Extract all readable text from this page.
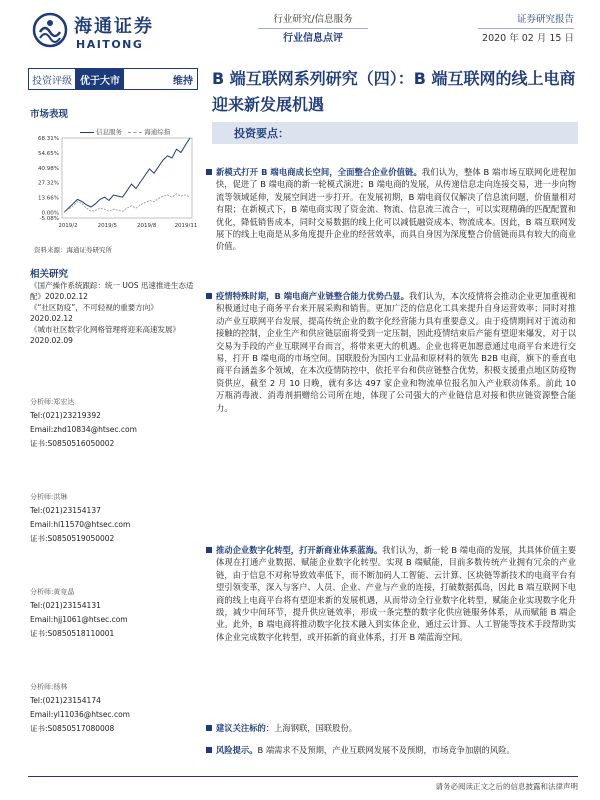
海通证券
HAITONG
行业研究/信息服务
行业信息点评
证券研究报告
2020 年 02 月 15 日
投资评级 优于大市	维持 B 端互联网系列研究（四）：B 端互联网的线上电商迎来新发展机遇
投资要点：
市场表现
信息服务	海通综指
68.31%
54.65%
40.98%
27.32%
13.66%
0.00%
-5.08%
2019/2	2019/5	2019/8	2019/11
资料来源：海通证券研究所
相关研究
《国产操作系统跟踪：统一 UOS 迅速推进生态适配》2020.02.12
《“社区防疫”，不可轻视的重要方向》2020.02.12
《城市社区数字化网格管理将迎来高速发展》2020.02.09
分析师:郑宏达
Tel:(021)23219392
Email:zhd10834@htsec.com
证书:S0850516050002
分析师:洪琳
Tel:(021)23154137
Email:hl11570@htsec.com
证书:S0850519050002
分析师:黄竞晶
Tel:(021)23154131
Email:hjj1061@htsec.com
证书:S0850518110001
分析师:杨林
Tel:(021)23154174
Email:yl11036@htsec.com
证书:S0850517080008
新模式打开 B 端电商成长空间，全面整合企业价值链。我们认为，整体 B 端市场互联网化进程加快，促进了 B 端电商的新一轮模式演进；B 端电商的发展，从传递信息走向连接交易，进一步向物流等领域延伸，发展空间进一步打开。在发展初期，B 端电商仅仅解决了信息流问题，价值量相对有限；在新模式下，B 端电商实现了资金流、物流、信息流三流合一，可以实现精确的匹配配置和优化，降低销售成本，同时交易数据的线上化可以减低融资成本、物流成本。因此，B 端互联网发展下的线上电商是从多角度提升企业的经营效率，而具自身因为深度整合价值链而具有较大的商业价值。
疫情特殊时期，B 端电商产业链整合能力优势凸显。我们认为，本次疫情将会推动企业更加重视和积极通过电子商务平台来开展采购和销售。更加广泛的信息化工具来提升自身运营效率；同时对推动产业互联网平台发展，提高传统企业的数字化经营能力具有重要意义。由于疫情期间对于流动和接触的控制，企业生产和供应链层面将受到一定压制，因此疫情结束后产能有望迎来爆发，对于以交易为手段的产业互联网平台而言，将带来更大的机遇。企业也将更加愿意通过电商平台来进行交易，打开 B 端电商的市场空间。国联股份为国内工业品和原材料的领先 B2B 电商，旗下的垂直电商平台涵盖多个领域，在本次疫情防控中，依托平台和供应链整合优势，积极支援重点地区防疫物资供应，截至 2 月 10 日晚，就有多达 497 家企业和物流单位报名加入产业联动体系。前此 10 万瓶消毒液、消毒剂捐赠给公司所在地，体现了公司强大的产业链信息对接和供应链资源整合能力。
推动企业数字化转型，打开新商业体系蓝海。我们认为，新一轮 B 端电商的发展，其具体价值主要体现在打通产业数据、赋能企业数字化转型。实现 B 端赋能，目前多数传统产业拥有冗余的产业链，由于信息不对称导致效率低下，而不断加码人工智能、云计算、区块链等新技术的电商平台有望引领变革，深入与客户、人员、企业、产业与产业的连接，打破数据孤岛，因此 B 端互联网下电商的线上电商平台将有望迎来新的发展机遇，从而带动全行业数字化转型，赋能企业实现数字化升级，减少中间环节，提升供应链效率，形成一条完整的数字化供应链服务体系，从而赋能 B 端企业。此外，B 端电商将推动数字化技术融入到实体企业，通过云计算、人工智能等技术手段帮助实体企业完成数字化转型，或开拓新的商业体系，打开 B 端蓝海空间。
建议关注标的：上海钢联，国联股份。
风险提示。B 端需求不及预期，产业互联网发展不及预期，市场竞争加剧的风险。
请务必阅读正文之后的信息披露和法律声明
